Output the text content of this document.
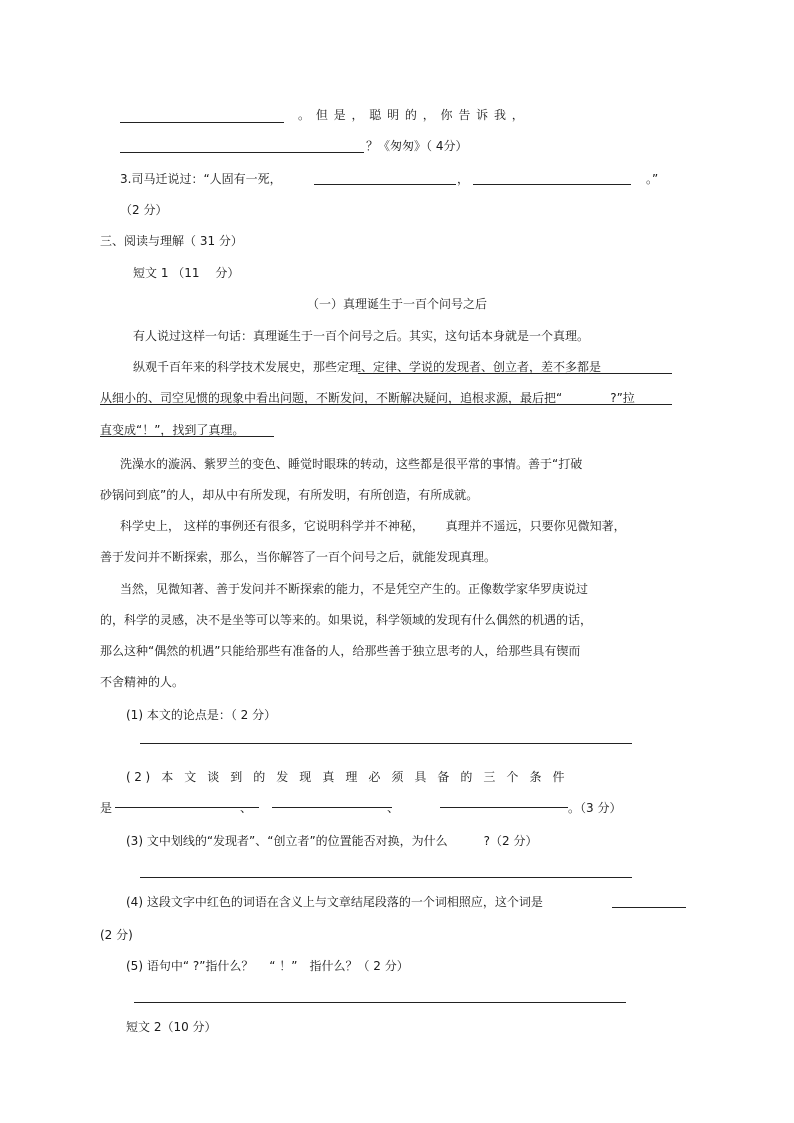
。 但 是 ， 聪 明 的 ， 你 告 诉 我 ，
？《匆匆》（ 4分）
3.司马迁说过：“人固有一死，	，	。”
（2 分）
三、阅读与理解（ 31 分）
短文 1 （11　 分）
（一）真理诞生于一百个问号之后
有人说过这样一句话：真理诞生于一百个问号之后。其实，这句话本身就是一个真理。
纵观千百年来的科学技术发展史，那些定理、定律、学说的发现者、创立者，差不多都是
从细小的、司空见惯的现象中看出问题，不断发问，不断解决疑问，追根求源，最后把“　　　　?”拉
直变成“！”，找到了真理。
洗澡水的漩涡、紫罗兰的变色、睡觉时眼珠的转动，这些都是很平常的事情。善于“打破
砂锅问到底”的人，却从中有所发现，有所发明，有所创造，有所成就。
科学史上， 这样的事例还有很多，它说明科学并不神秘，　　 真理并不遥远，只要你见微知著，
善于发问并不断探索，那么，当你解答了一百个问号之后，就能发现真理。
当然，见微知著、善于发问并不断探索的能力，不是凭空产生的。正像数学家华罗庚说过
的，科学的灵感，决不是坐等可以等来的。如果说，科学领域的发现有什么偶然的机遇的话，
那么这种“偶然的机遇”只能给那些有准备的人，给那些善于独立思考的人，给那些具有锲而
不舍精神的人。
(1) 本文的论点是：（ 2 分）
(2) 本 文 谈 到 的 发 现 真 理 必 须 具 备 的 三 个 条 件
是	、	、	。（3 分）
(3) 文中划线的“发现者”、“创立者”的位置能否对换，为什么　　　?（2 分）
(4) 这段文字中红色的词语在含义上与文章结尾段落的一个词相照应，这个词是
(2 分)
(5) 语句中“ ?”指什么？　 “ ！”　指什么？（ 2 分）
短文 2（10 分）
